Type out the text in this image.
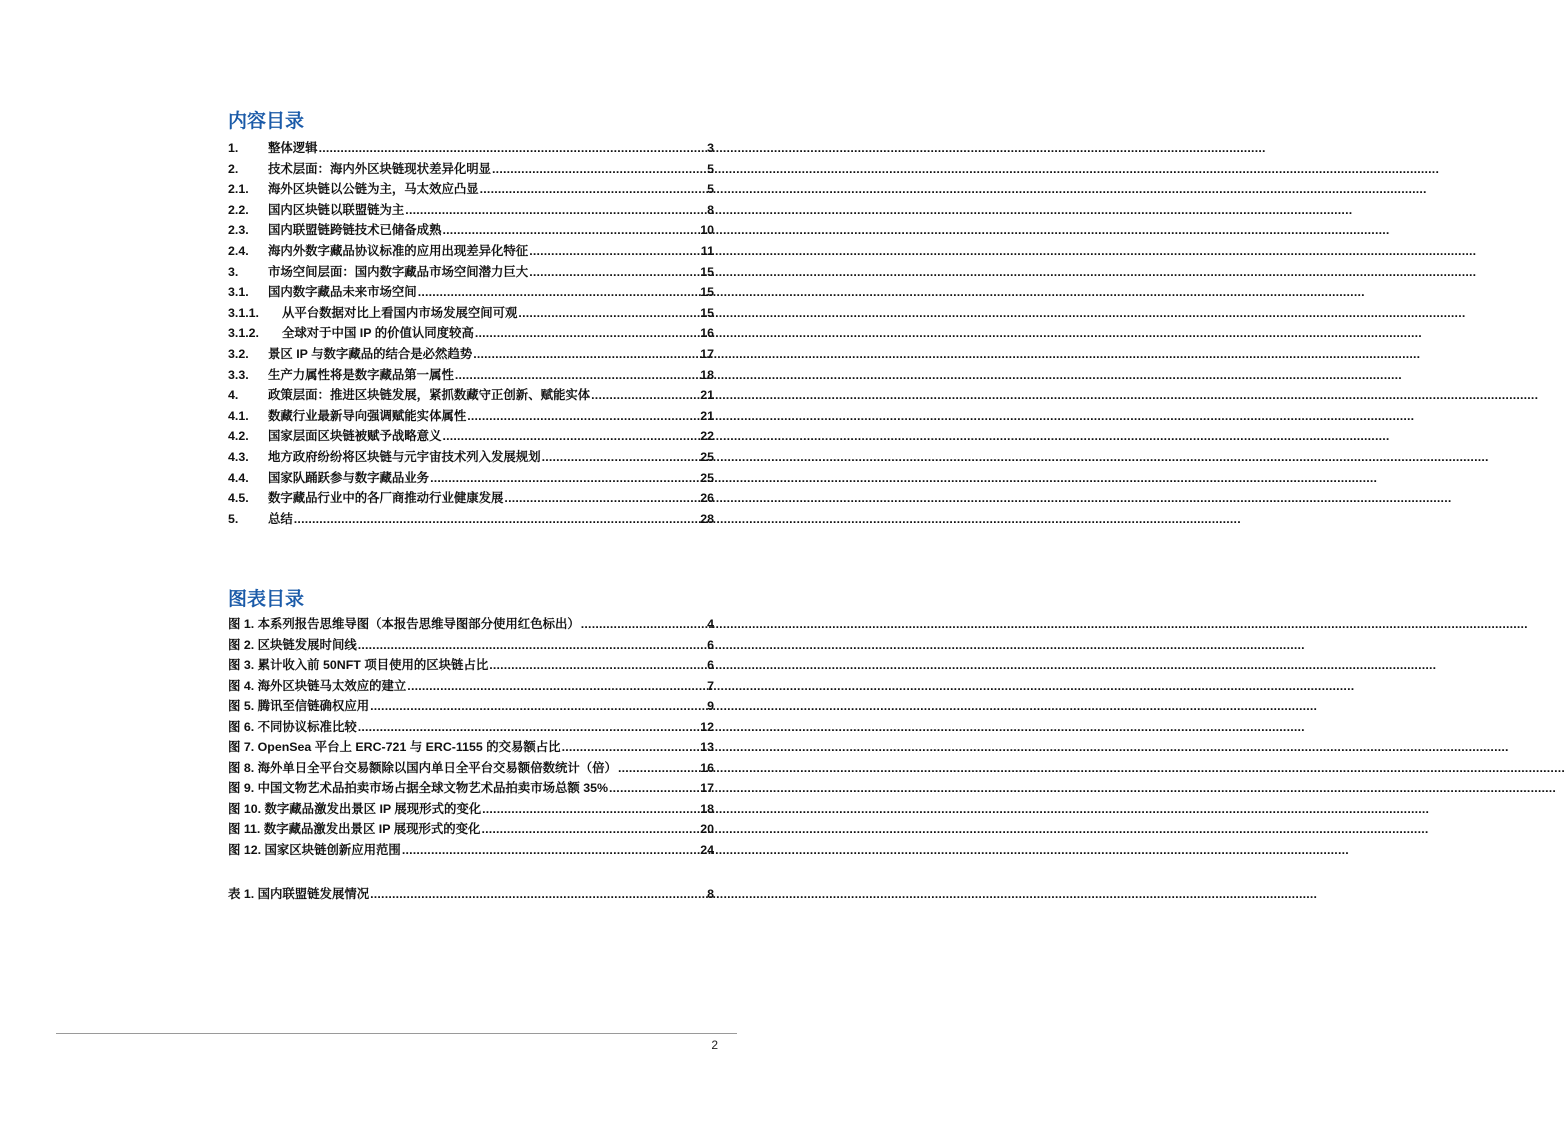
内容目录
1.	整体逻辑 .....	3
2.	技术层面：海内外区块链现状差异化明显 .....	5
2.1.	海外区块链以公链为主，马太效应凸显 .....	5
2.2.	国内区块链以联盟链为主 .....	8
2.3.	国内联盟链跨链技术已储备成熟 .....	10
2.4.	海内外数字藏品协议标准的应用出现差异化特征 .....	11
3.	市场空间层面：国内数字藏品市场空间潜力巨大 .....	15
3.1.	国内数字藏品未来市场空间 .....	15
3.1.1.	从平台数据对比上看国内市场发展空间可观 .....	15
3.1.2.	全球对于中国 IP 的价值认同度较高 .....	16
3.2.	景区 IP 与数字藏品的结合是必然趋势 .....	17
3.3.	生产力属性将是数字藏品第一属性 .....	18
4.	政策层面：推进区块链发展，紧抓数藏守正创新、赋能实体 .....	21
4.1.	数藏行业最新导向强调赋能实体属性 .....	21
4.2.	国家层面区块链被赋予战略意义 .....	22
4.3.	地方政府纷纷将区块链与元宇宙技术列入发展规划 .....	25
4.4.	国家队踊跃参与数字藏品业务 .....	25
4.5.	数字藏品行业中的各厂商推动行业健康发展 .....	26
5.	总结 .....	28
图表目录
图 1. 本系列报告思维导图（本报告思维导图部分使用红色标出） .....	4
图 2. 区块链发展时间线 .....	6
图 3. 累计收入前 50NFT 项目使用的区块链占比 .....	6
图 4. 海外区块链马太效应的建立 .....	7
图 5. 腾讯至信链确权应用 .....	9
图 6. 不同协议标准比较 .....	12
图 7. OpenSea 平台上 ERC-721 与 ERC-1155 的交易额占比 .....	13
图 8. 海外单日全平台交易额除以国内单日全平台交易额倍数统计（倍） .....	16
图 9. 中国文物艺术品拍卖市场占据全球文物艺术品拍卖市场总额 35% .....	17
图 10. 数字藏品激发出景区 IP 展现形式的变化 .....	18
图 11. 数字藏品激发出景区 IP 展现形式的变化 .....	20
图 12. 国家区块链创新应用范围 .....	24
表 1. 国内联盟链发展情况 .....	8
2
